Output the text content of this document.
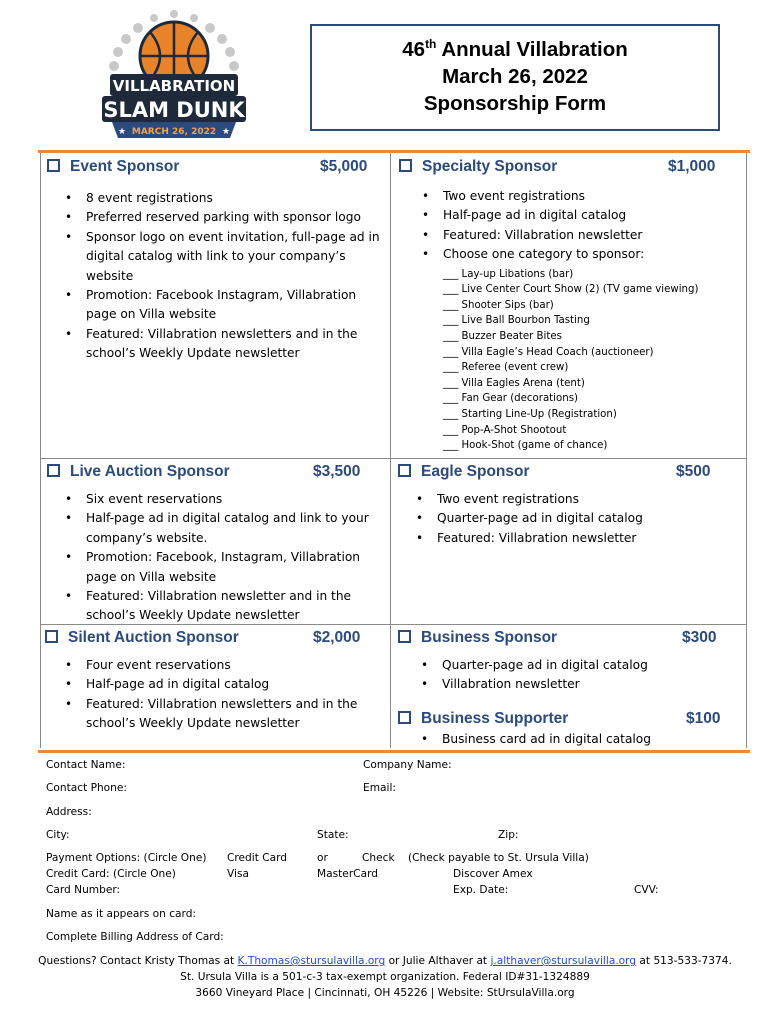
VILLABRATION
SLAM DUNK
MARCH 26, 2022
★	★
46th Annual Villabration
March 26, 2022
Sponsorship Form
Event Sponsor	$5,000
• 8 event registrations
• Preferred reserved parking with sponsor logo
• Sponsor logo on event invitation, full-page ad in digital catalog with link to your company’s website
• Promotion: Facebook Instagram, Villabration page on Villa website
• Featured: Villabration newsletters and in the school’s Weekly Update newsletter
Specialty Sponsor	$1,000
• Two event registrations
• Half-page ad in digital catalog
• Featured: Villabration newsletter
• Choose one category to sponsor:
___ Lay-up Libations (bar)
___ Live Center Court Show (2) (TV game viewing)
___ Shooter Sips (bar)
___ Live Ball Bourbon Tasting
___ Buzzer Beater Bites
___ Villa Eagle’s Head Coach (auctioneer)
___ Referee (event crew)
___ Villa Eagles Arena (tent)
___ Fan Gear (decorations)
___ Starting Line-Up (Registration)
___ Pop-A-Shot Shootout
___ Hook-Shot (game of chance)
Live Auction Sponsor	$3,500
• Six event reservations
• Half-page ad in digital catalog and link to your company’s website.
• Promotion: Facebook, Instagram, Villabration page on Villa website
• Featured: Villabration newsletter and in the school’s Weekly Update newsletter
Eagle Sponsor	$500
• Two event registrations
• Quarter-page ad in digital catalog
• Featured: Villabration newsletter
Silent Auction Sponsor	$2,000
• Four event reservations
• Half-page ad in digital catalog
• Featured: Villabration newsletters and in the school’s Weekly Update newsletter
Business Sponsor	$300
• Quarter-page ad in digital catalog
• Villabration newsletter
Business Supporter	$100
• Business card ad in digital catalog
Contact Name:	Company Name:
Contact Phone:	Email:
Address:
City:	State:	Zip:
Payment Options: (Circle One) Credit Card	or	Check (Check payable to St. Ursula Villa)
Credit Card: (Circle One)	Visa	MasterCard	Discover Amex
Card Number:	Exp. Date:	CVV:
Name as it appears on card:
Complete Billing Address of Card:
Questions? Contact Kristy Thomas at K.Thomas@stursulavilla.org or Julie Althaver at j.althaver@stursulavilla.org at 513-533-7374.
St. Ursula Villa is a 501-c-3 tax-exempt organization. Federal ID#31-1324889
3660 Vineyard Place | Cincinnati, OH 45226 | Website: StUrsulaVilla.org
